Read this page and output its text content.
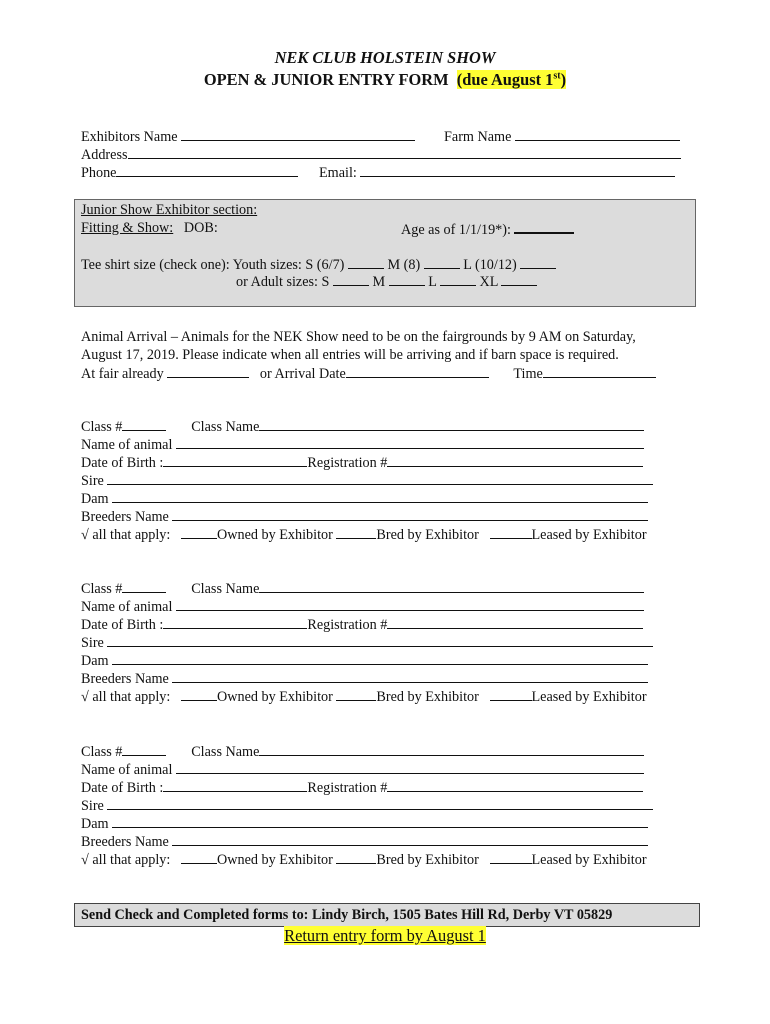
NEK CLUB HOLSTEIN SHOW
OPEN & JUNIOR ENTRY FORM (due August 1st)
Exhibitors Name	Farm Name
Address
Phone	Email:
Junior Show Exhibitor section:
Fitting & Show: DOB:	Age as of 1/1/19*):
Tee shirt size (check one): Youth sizes: S (6/7)	M (8)	L (10/12)
or Adult sizes: S	M	L	XL
Animal Arrival – Animals for the NEK Show need to be on the fairgrounds by 9 AM on Saturday,
August 17, 2019. Please indicate when all entries will be arriving and if barn space is required.
At fair already	or Arrival Date	Time
Class #	Class Name
Name of animal
Date of Birth :	Registration #
Sire
Dam
Breeders Name
√ all that apply:	Owned by Exhibitor	Bred by Exhibitor	Leased by Exhibitor
Class #	Class Name
Name of animal
Date of Birth :	Registration #
Sire
Dam
Breeders Name
√ all that apply:	Owned by Exhibitor	Bred by Exhibitor	Leased by Exhibitor
Class #	Class Name
Name of animal
Date of Birth :	Registration #
Sire
Dam
Breeders Name
√ all that apply:	Owned by Exhibitor	Bred by Exhibitor	Leased by Exhibitor
Send Check and Completed forms to: Lindy Birch, 1505 Bates Hill Rd, Derby VT 05829
Return entry form by August 1
